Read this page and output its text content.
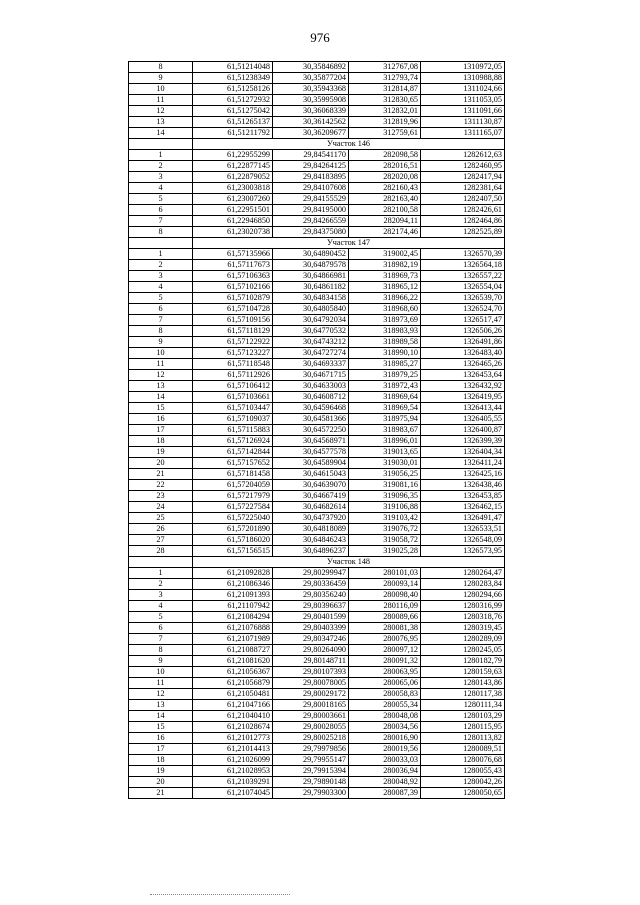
976
8	61,51214048	30,35846892	312767,08	1310972,05
9	61,51238349	30,35877204	312793,74	1310988,88
10	61,51258126	30,35943368	312814,87	1311024,66
11	61,51272932	30,35995908	312830,65	1311053,05
12	61,51275042	30,36068339	312832,01	1311091,66
13	61,51265137	30,36142562	312819,96	1311130,87
14	61,51211792	30,36209677	312759,61	1311165,07
	Участок 146			
1	61,22955299	29,84541170	282098,58	1282612,63
2	61,22877145	29,84264125	282016,51	1282460,95
3	61,22879052	29,84183895	282020,08	1282417,94
4	61,23003818	29,84107608	282160,43	1282381,64
5	61,23007260	29,84155529	282163,40	1282407,50
6	61,22951501	29,84195000	282100,58	1282426,61
7	61,22946850	29,84266559	282094,11	1282464,86
8	61,23020738	29,84375080	282174,46	1282525,89
	Участок 147			
1	61,57135966	30,64890452	319002,45	1326570,39
2	61,57117673	30,64879578	318982,19	1326564,18
3	61,57106363	30,64866981	318969,73	1326557,22
4	61,57102166	30,64861182	318965,12	1326554,04
5	61,57102879	30,64834158	318966,22	1326539,70
6	61,57104728	30,64805840	318968,60	1326524,70
7	61,57109156	30,64792034	318973,69	1326517,47
8	61,57118129	30,64770532	318983,93	1326506,26
9	61,57122922	30,64743212	318989,58	1326491,86
10	61,57123227	30,64727274	318990,10	1326483,40
11	61,57118548	30,64693337	318985,27	1326465,26
12	61,57112926	30,64671715	318979,25	1326453,64
13	61,57106412	30,64633003	318972,43	1326432,92
14	61,57103661	30,64608712	318969,64	1326419,95
15	61,57103447	30,64596468	318969,54	1326413,44
16	61,57109037	30,64581366	318975,94	1326405,55
17	61,57115883	30,64572250	318983,67	1326400,87
18	61,57126924	30,64568971	318996,01	1326399,39
19	61,57142844	30,64577578	319013,65	1326404,34
20	61,57157652	30,64589904	319030,01	1326411,24
21	61,57181458	30,64615043	319056,25	1326425,16
22	61,57204059	30,64639070	319081,16	1326438,46
23	61,57217979	30,64667419	319096,35	1326453,85
24	61,57227584	30,64682614	319106,88	1326462,15
25	61,57225040	30,64737920	319103,42	1326491,47
26	61,57201890	30,64818089	319076,72	1326533,51
27	61,57186020	30,64846243	319058,72	1326548,09
28	61,57156515	30,64896237	319025,28	1326573,95
	Участок 148			
1	61,21092828	29,80299947	280101,03	1280264,47
2	61,21086346	29,80336459	280093,14	1280283,84
3	61,21091393	29,80356240	280098,40	1280294,66
4	61,21107942	29,80396637	280116,09	1280316,99
5	61,21084294	29,80401599	280089,66	1280318,76
6	61,21076888	29,80403399	280081,38	1280319,45
7	61,21071989	29,80347246	280076,95	1280289,09
8	61,21088727	29,80264090	280097,12	1280245,05
9	61,21081620	29,80148711	280091,32	1280182,79
10	61,21056367	29,80107393	280063,95	1280159,63
11	61,21056879	29,80078005	280065,06	1280143,86
12	61,21050481	29,80029172	280058,83	1280117,38
13	61,21047166	29,80018165	280055,34	1280111,34
14	61,21040410	29,80003661	280048,08	1280103,29
15	61,21028674	29,80028055	280034,56	1280115,95
16	61,21012773	29,80025218	280016,90	1280113,82
17	61,21014413	29,79979856	280019,56	1280089,51
18	61,21026099	29,79955147	280033,03	1280076,68
19	61,21028953	29,79915394	280036,94	1280055,43
20	61,21039291	29,79890148	280048,92	1280042,26
21	61,21074045	29,79903300	280087,39	1280050,65
